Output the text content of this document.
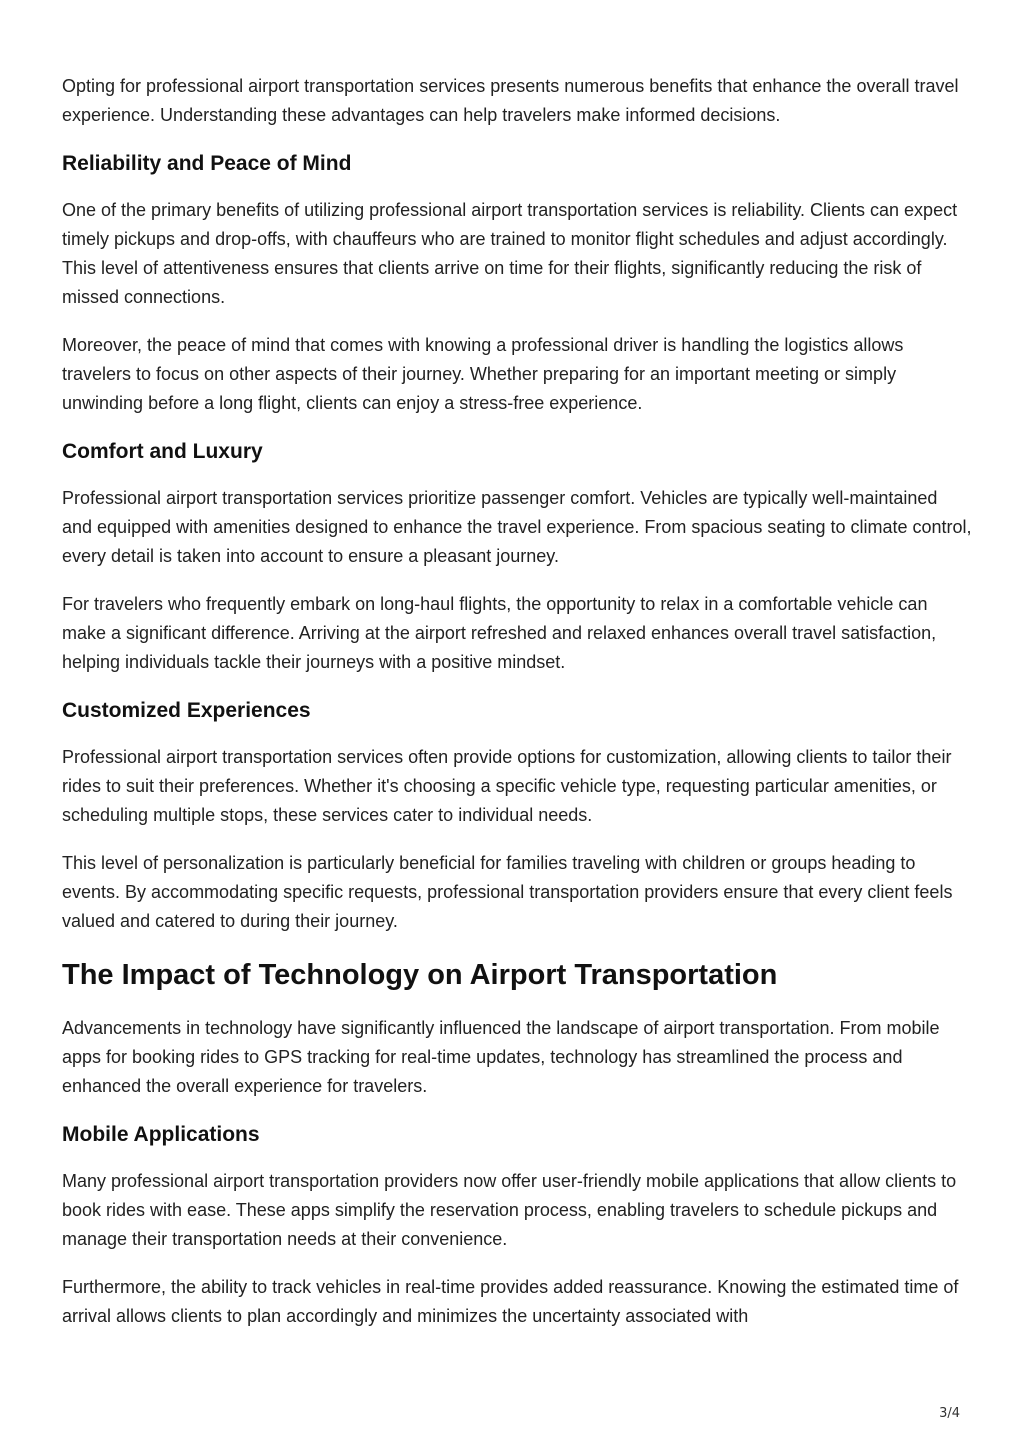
Opting for professional airport transportation services presents numerous benefits that enhance the overall travel experience. Understanding these advantages can help travelers make informed decisions.

Reliability and Peace of Mind

One of the primary benefits of utilizing professional airport transportation services is reliability. Clients can expect timely pickups and drop-offs, with chauffeurs who are trained to monitor flight schedules and adjust accordingly. This level of attentiveness ensures that clients arrive on time for their flights, significantly reducing the risk of missed connections.

Moreover, the peace of mind that comes with knowing a professional driver is handling the logistics allows travelers to focus on other aspects of their journey. Whether preparing for an important meeting or simply unwinding before a long flight, clients can enjoy a stress-free experience.

Comfort and Luxury

Professional airport transportation services prioritize passenger comfort. Vehicles are typically well-maintained and equipped with amenities designed to enhance the travel experience. From spacious seating to climate control, every detail is taken into account to ensure a pleasant journey.

For travelers who frequently embark on long-haul flights, the opportunity to relax in a comfortable vehicle can make a significant difference. Arriving at the airport refreshed and relaxed enhances overall travel satisfaction, helping individuals tackle their journeys with a positive mindset.

Customized Experiences

Professional airport transportation services often provide options for customization, allowing clients to tailor their rides to suit their preferences. Whether it's choosing a specific vehicle type, requesting particular amenities, or scheduling multiple stops, these services cater to individual needs.

This level of personalization is particularly beneficial for families traveling with children or groups heading to events. By accommodating specific requests, professional transportation providers ensure that every client feels valued and catered to during their journey.

The Impact of Technology on Airport Transportation

Advancements in technology have significantly influenced the landscape of airport transportation. From mobile apps for booking rides to GPS tracking for real-time updates, technology has streamlined the process and enhanced the overall experience for travelers.

Mobile Applications

Many professional airport transportation providers now offer user-friendly mobile applications that allow clients to book rides with ease. These apps simplify the reservation process, enabling travelers to schedule pickups and manage their transportation needs at their convenience.

Furthermore, the ability to track vehicles in real-time provides added reassurance. Knowing the estimated time of arrival allows clients to plan accordingly and minimizes the uncertainty associated with

3/4
